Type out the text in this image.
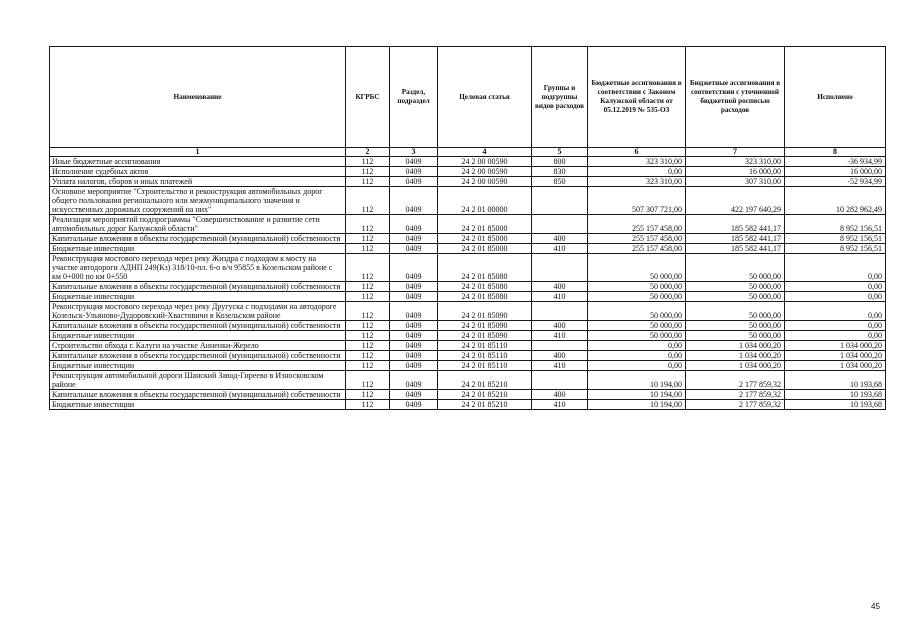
Наименование	КГРБС	Раздел, подраздел	Целевая статья	Группы и подгруппы видов расходов	Бюджетные ассигнования в соответствии с Законом Калужской области от 05.12.2019 № 535-ОЗ	Бюджетные ассигнования в соответствии с уточненной бюджетной росписью расходов	Исполнено
1	2	3	4	5	6	7	8
Иные бюджетные ассигнования	112	0409	24 2 00 00590	800	323 310,00	323 310,00	-36 934,99
Исполнение судебных актов	112	0409	24 2 00 00590	830	0,00	16 000,00	16 000,00
Уплата налогов, сборов и иных платежей	112	0409	24 2 00 00590	850	323 310,00	307 310,00	-52 934,99
Основное мероприятие "Строительство и реконструкция автомобильных дорог общего пользования регионального или межмуниципального значения и искусственных дорожных сооружений на них"	112	0409	24 2 01 00000		507 307 721,00	422 197 640,29	10 282 962,49
Реализация мероприятий подпрограммы "Совершенствование и развитие сети автомобильных дорог Калужской области"	112	0409	24 2 01 85000		255 157 458,00	185 582 441,17	8 952 156,51
Капитальные вложения в объекты государственной (муниципальной) собственности	112	0409	24 2 01 85000	400	255 157 458,00	185 582 441,17	8 952 156,51
Бюджетные инвестиции	112	0409	24 2 01 85000	410	255 157 458,00	185 582 441,17	8 952 156,51
Реконструкция мостового перехода через реку Жиздра с подходом к мосту на участке автодороги АДНП 249(Кз) 318/10-пл. 6-о в/ч 95855 в Козельском районе с км 0+000 по км 0+550	112	0409	24 2 01 85080		50 000,00	50 000,00	0,00
Капитальные вложения в объекты государственной (муниципальной) собственности	112	0409	24 2 01 85080	400	50 000,00	50 000,00	0,00
Бюджетные инвестиции	112	0409	24 2 01 85080	410	50 000,00	50 000,00	0,00
Реконструкция мостового перехода через реку Другуска с подходами на автодороге Козельск-Ульяново-Дудоровский-Хвастовичи в Козельском районе	112	0409	24 2 01 85090		50 000,00	50 000,00	0,00
Капитальные вложения в объекты государственной (муниципальной) собственности	112	0409	24 2 01 85090	400	50 000,00	50 000,00	0,00
Бюджетные инвестиции	112	0409	24 2 01 85090	410	50 000,00	50 000,00	0,00
Строительство обхода г. Калуги на участке Анненки-Жерело	112	0409	24 2 01 85110		0,00	1 034 000,20	1 034 000,20
Капитальные вложения в объекты государственной (муниципальной) собственности	112	0409	24 2 01 85110	400	0,00	1 034 000,20	1 034 000,20
Бюджетные инвестиции	112	0409	24 2 01 85110	410	0,00	1 034 000,20	1 034 000,20
Реконструкция автомобильной дороги Шанский Завод-Гиреево в Износковском районе	112	0409	24 2 01 85210		10 194,00	2 177 859,32	10 193,68
Капитальные вложения в объекты государственной (муниципальной) собственности	112	0409	24 2 01 85210	400	10 194,00	2 177 859,32	10 193,68
Бюджетные инвестиции	112	0409	24 2 01 85210	410	10 194,00	2 177 859,32	10 193,68
45
